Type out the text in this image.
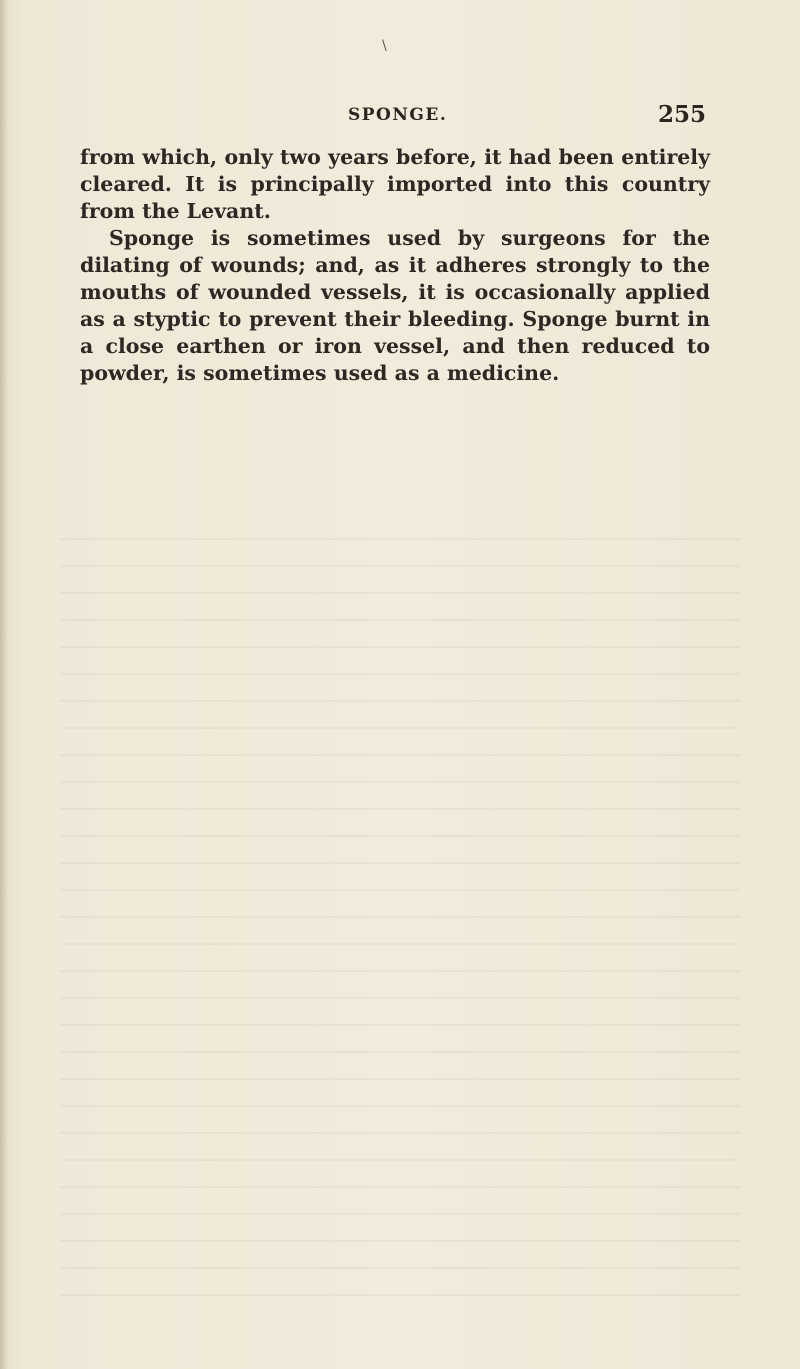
\
SPONGE.	255

from which, only two years before, it had been entirely cleared. It is principally imported into this country from the Levant.

Sponge is sometimes used by surgeons for the dilating of wounds; and, as it adheres strongly to the mouths of wounded vessels, it is occasionally applied as a styptic to prevent their bleeding. Sponge burnt in a close earthen or iron vessel, and then reduced to powder, is sometimes used as a medicine.
